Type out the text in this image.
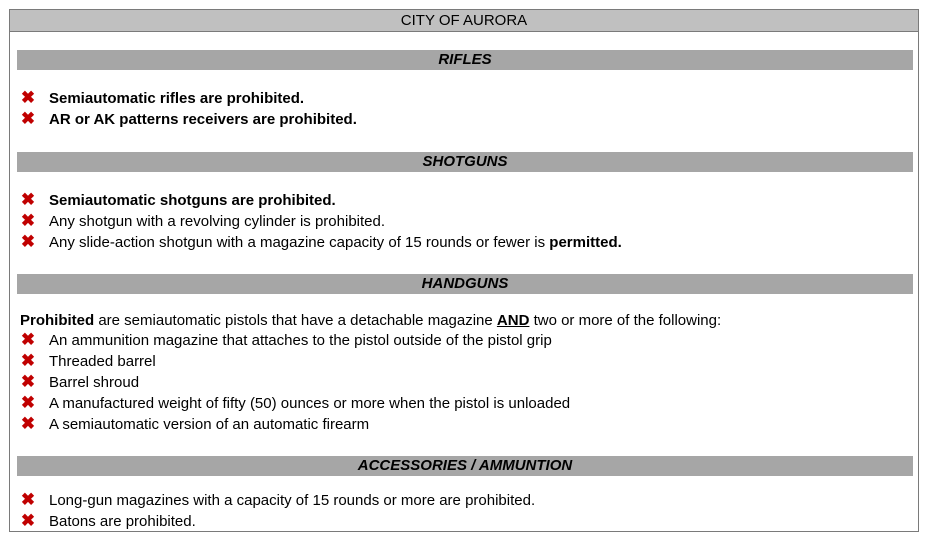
CITY OF AURORA
RIFLES
✖ Semiautomatic rifles are prohibited.
✖ AR or AK patterns receivers are prohibited.
SHOTGUNS
✖ Semiautomatic shotguns are prohibited.
✖ Any shotgun with a revolving cylinder is prohibited.
✖ Any slide-action shotgun with a magazine capacity of 15 rounds or fewer is permitted.
HANDGUNS
Prohibited are semiautomatic pistols that have a detachable magazine AND two or more of the following:
✖ An ammunition magazine that attaches to the pistol outside of the pistol grip
✖ Threaded barrel
✖ Barrel shroud
✖ A manufactured weight of fifty (50) ounces or more when the pistol is unloaded
✖ A semiautomatic version of an automatic firearm
ACCESSORIES / AMMUNTION
✖ Long-gun magazines with a capacity of 15 rounds or more are prohibited.
✖ Batons are prohibited.
